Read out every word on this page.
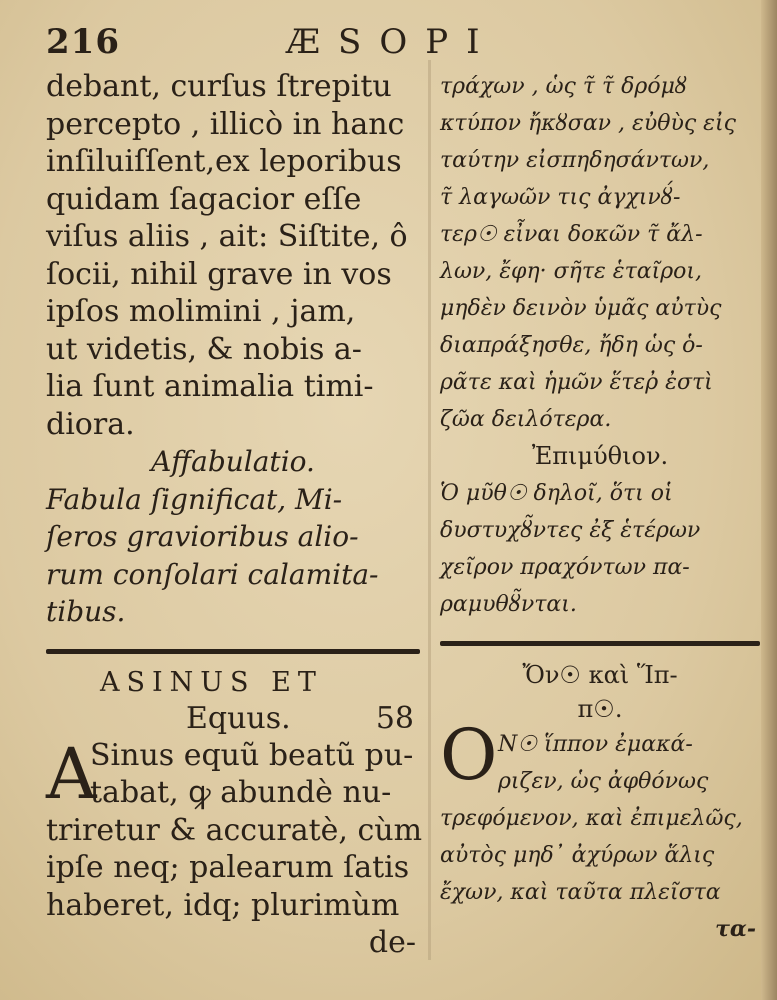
216	ÆSOPI
debant, curſus ſtrepitu
percepto , illicò in hanc
inſiluiſſent,ex leporibus
quidam ſagacior eſſe
viſus aliis , ait: Siſtite, ô
ſocii, nihil grave in vos
ipſos molimini , jam,
ut videtis, & nobis a-
lia ſunt animalia timi-
diora.
Affabulatio.
Fabula ſignificat, Mi-
ſeros gravioribus alio-
rum conſolari calamita-
tibus.
ASINUS ET
Equus.	58
A
Sinus equũ beatũ pu-
tabat, ꝙ abundè nu-
triretur & accuratè, cùm
ipſe neq; palearum ſatis
haberet, idq; plurimùm
de-
τράχων , ὡς τ̃ τ̃ δρόμȣ
κτύπον ἤκȣσαν , εὐθὺς εἰς
ταύτην εἰσπηδησάντων,
τ̃ λαγωῶν τις ἀγχινȣ́-
τερ☉ εἶναι δοκῶν τ̃ ἄλ-
λων, ἔφη· σῆτε ἑταῖροι,
μηδὲν δεινὸν ὑμᾶς αὐτὺς
διαπράξησθε, ἤδη ὡς ὁ-
ρᾶτε καὶ ἡμῶν ἕτεῤ ἐστὶ
ζῶα δειλότερα.
Ἐπιμύθιον.
Ὁ μῦθ☉ δηλοῖ, ὅτι οἱ
δυστυχȣ̃ντες ἐξ ἑτέρων
χεῖρον πραχόντων πα-
ραμυθȣ̃νται.
Ὄν☉ καὶ Ἵπ-
π☉.
Ο Ν☉ ἵππον ἐμακά-
ριζεν, ὡς ἀφθόνως
τρεφόμενον, καὶ ἐπιμελῶς,
αὐτὸς μηδ᾽ ἀχύρων ἅλις
ἔχων, καὶ ταῦτα πλεῖστα
τα-
